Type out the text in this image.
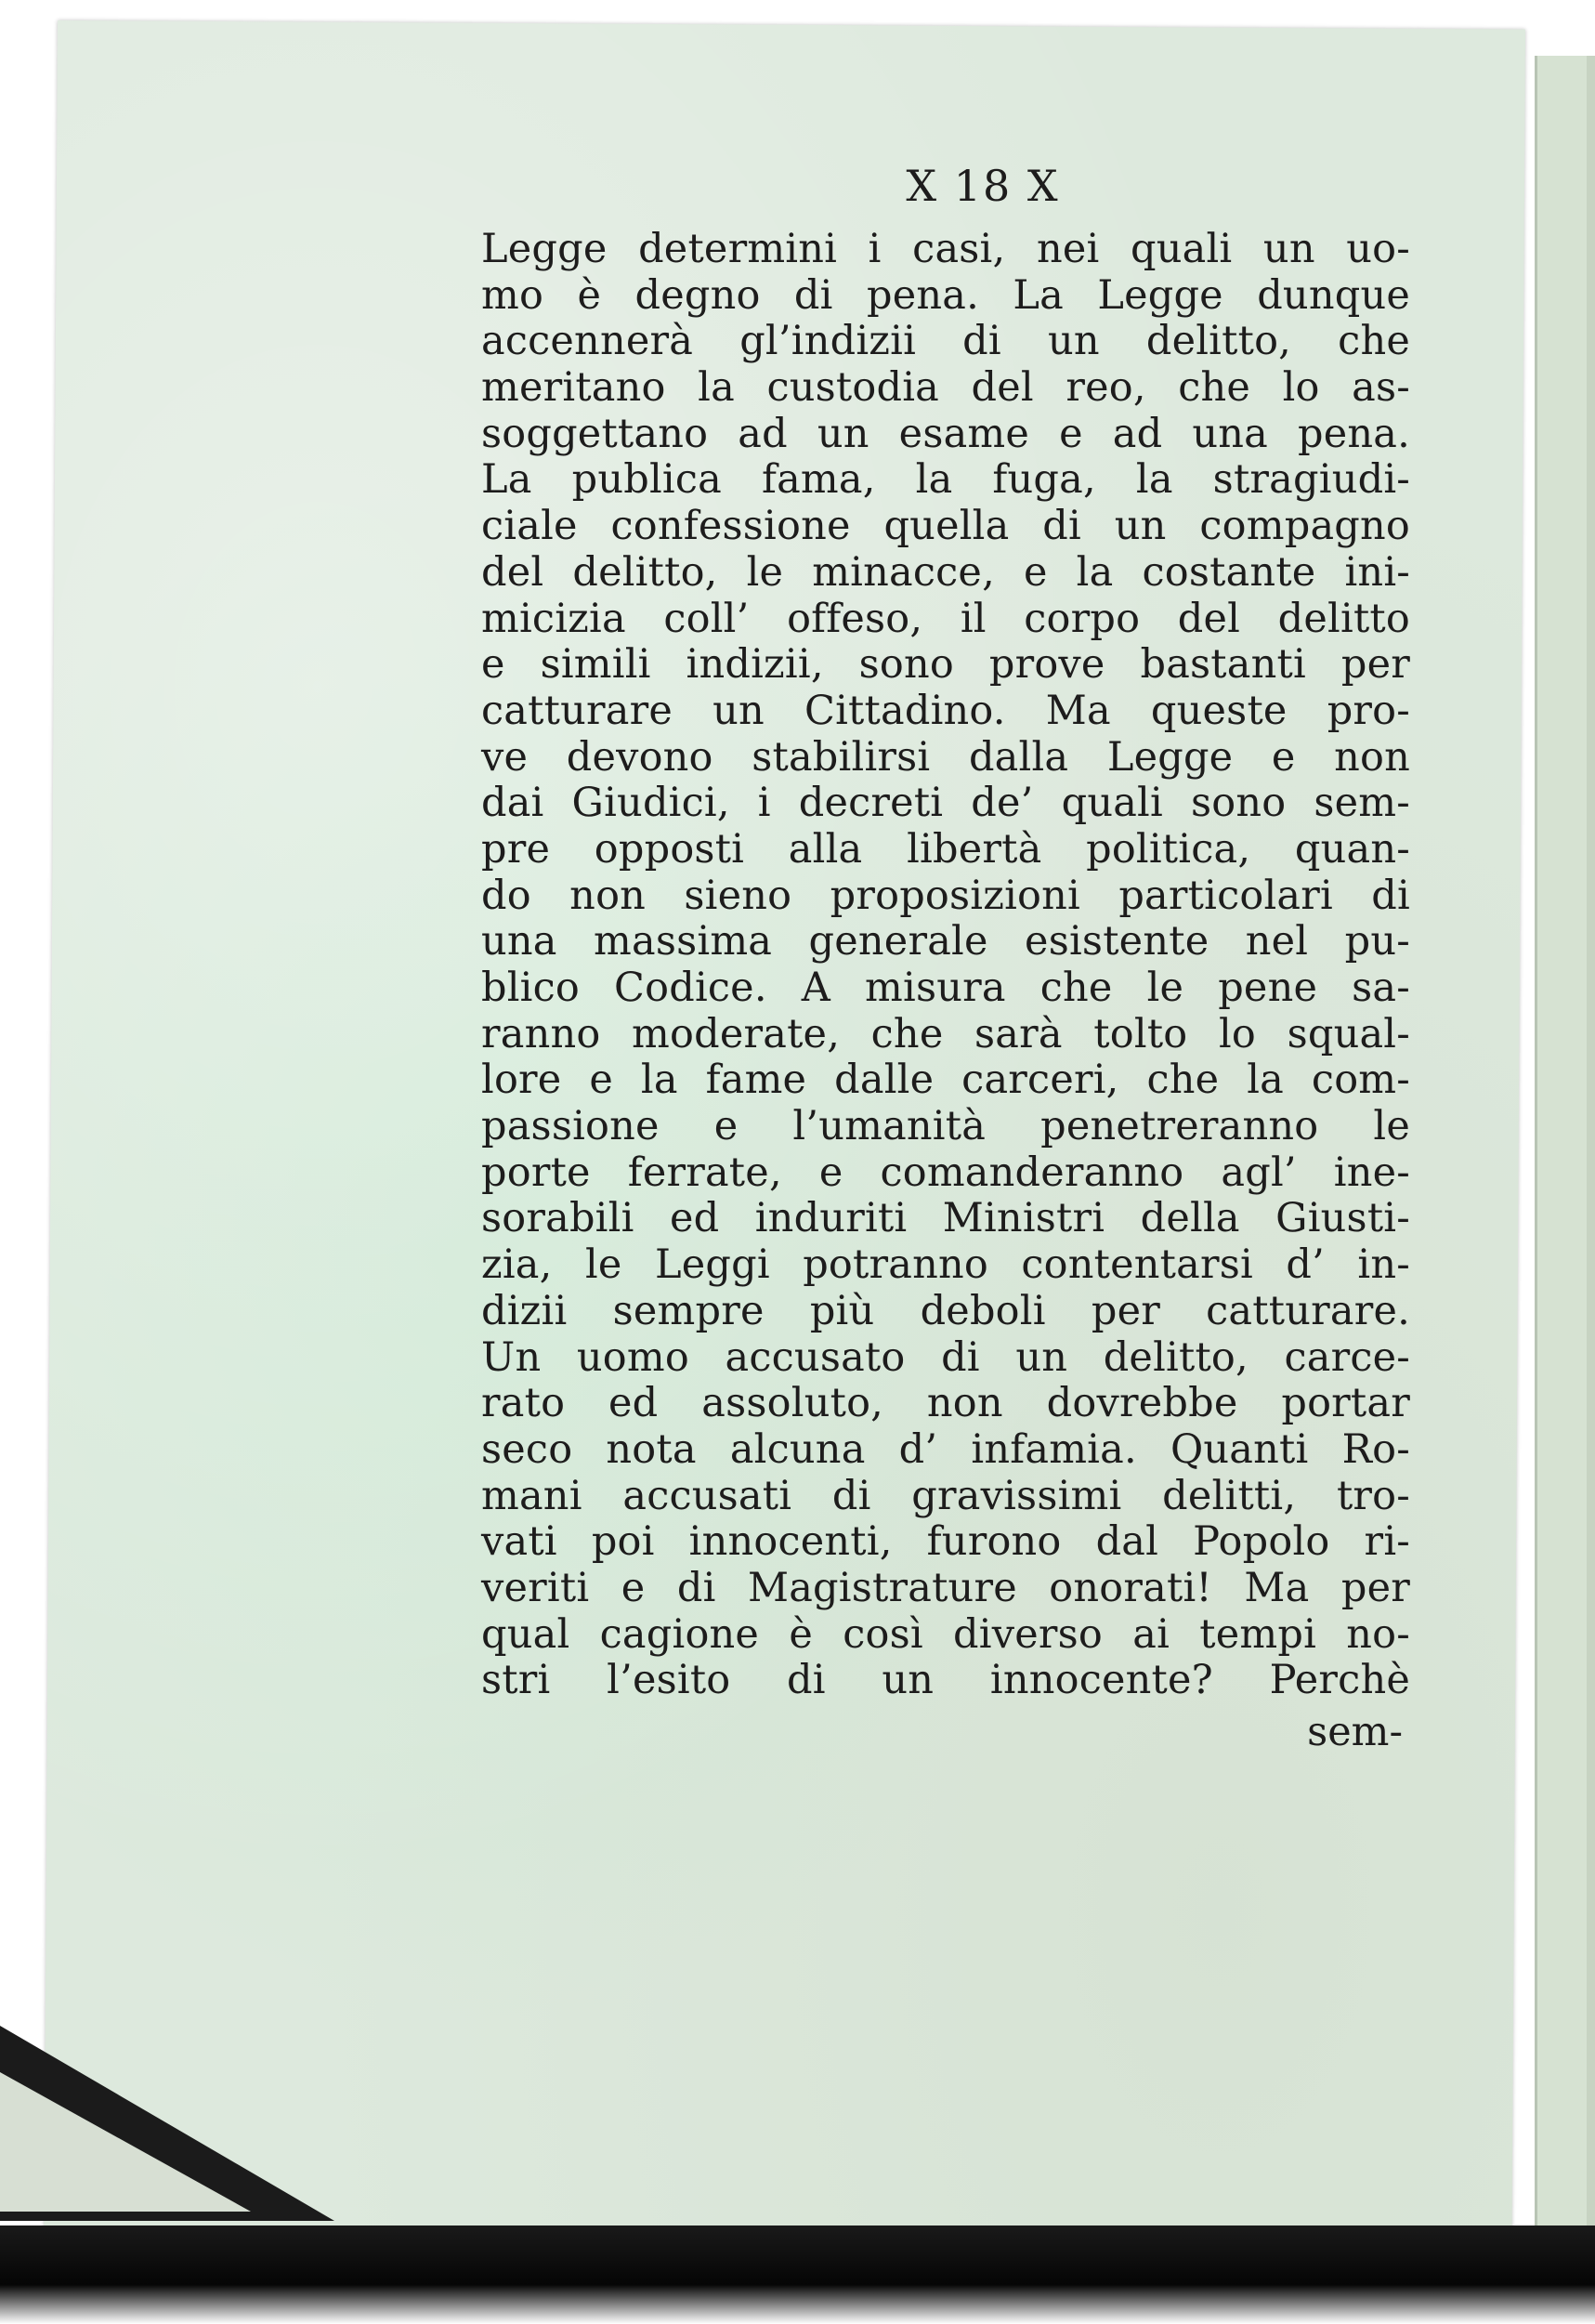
X 18 X
Legge determini i casi, nei quali un uo-
mo è degno di pena. La Legge dunque
accennerà gl’indizii di un delitto, che
meritano la custodia del reo, che lo as-
soggettano ad un esame e ad una pena.
La publica fama, la fuga, la stragiudi-
ciale confessione quella di un compagno
del delitto, le minacce, e la costante ini-
micizia coll’ offeso, il corpo del delitto
e simili indizii, sono prove bastanti per
catturare un Cittadino. Ma queste pro-
ve devono stabilirsi dalla Legge e non
dai Giudici, i decreti de’ quali sono sem-
pre opposti alla libertà politica, quan-
do non sieno proposizioni particolari di
una massima generale esistente nel pu-
blico Codice. A misura che le pene sa-
ranno moderate, che sarà tolto lo squal-
lore e la fame dalle carceri, che la com-
passione e l’umanità penetreranno le
porte ferrate, e comanderanno agl’ ine-
sorabili ed induriti Ministri della Giusti-
zia, le Leggi potranno contentarsi d’ in-
dizii sempre più deboli per catturare.
Un uomo accusato di un delitto, carce-
rato ed assoluto, non dovrebbe portar
seco nota alcuna d’ infamia. Quanti Ro-
mani accusati di gravissimi delitti, tro-
vati poi innocenti, furono dal Popolo ri-
veriti e di Magistrature onorati! Ma per
qual cagione è così diverso ai tempi no-
stri l’esito di un innocente? Perchè
sem-
